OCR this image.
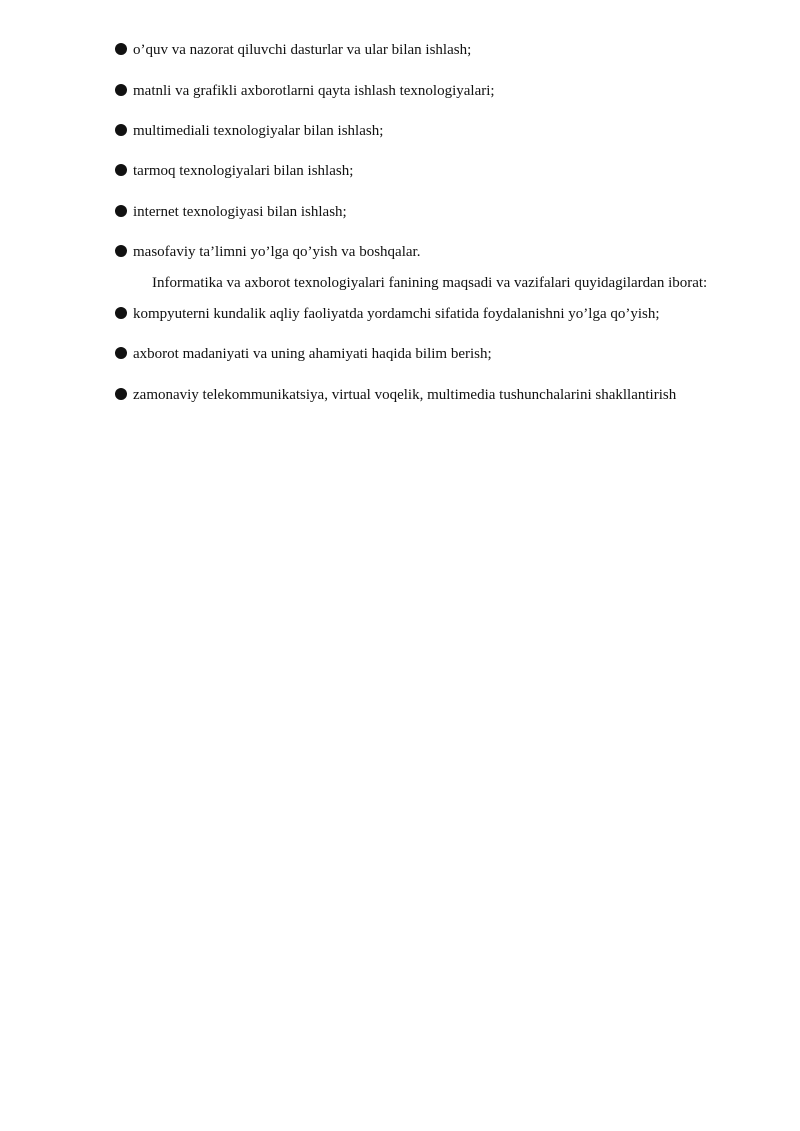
o’quv va nazorat qiluvchi dasturlar va ular bilan ishlash;
matnli va grafikli axborotlarni qayta ishlash texnologiyalari;
multimediali texnologiyalar bilan ishlash;
tarmoq texnologiyalari bilan ishlash;
internet texnologiyasi bilan ishlash;
masofaviy ta’limni yo’lga qo’yish va boshqalar.
Informatika va axborot texnologiyalari fanining maqsadi va vazifalari quyidagilardan iborat:
kompyuterni kundalik aqliy faoliyatda yordamchi sifatida foydalanishni yo’lga qo’yish;
axborot madaniyati va uning ahamiyati haqida bilim berish;
zamonaviy telekommunikatsiya, virtual voqelik, multimedia tushunchalarini shakllantirish
